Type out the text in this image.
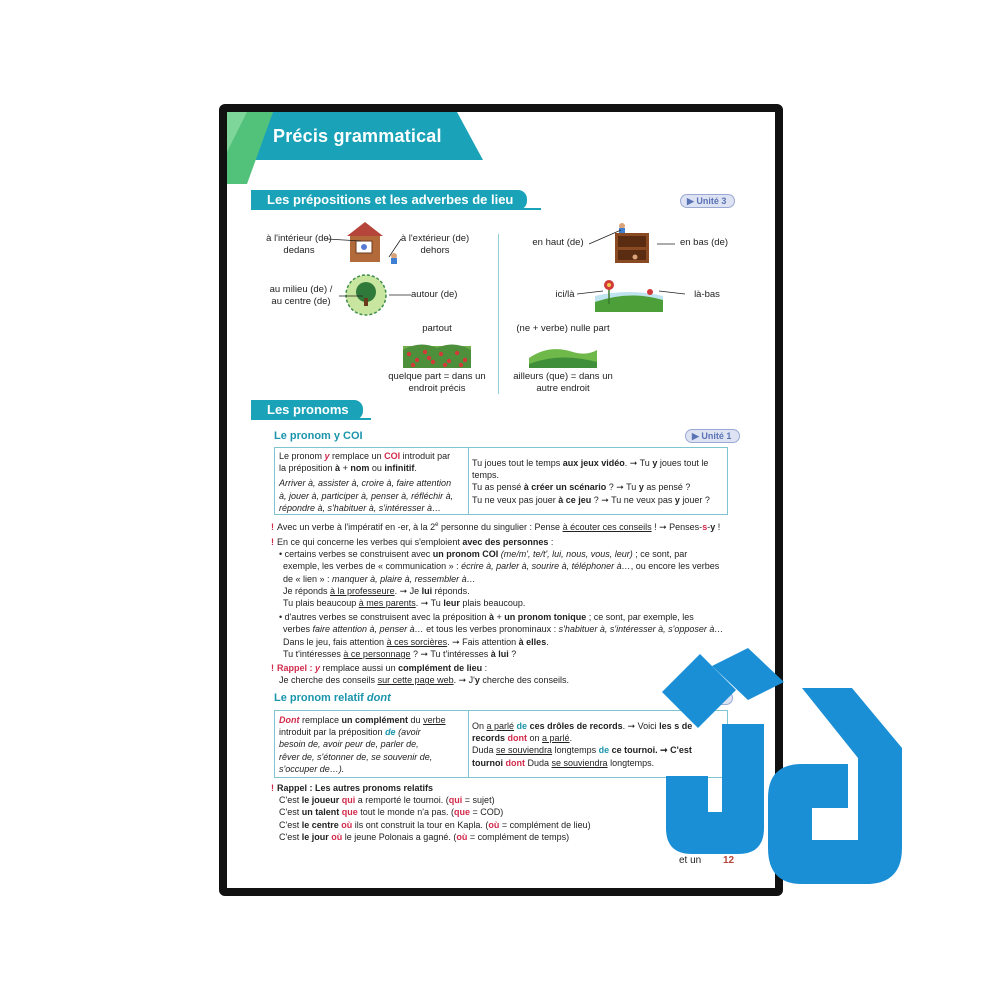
Précis grammatical
Les prépositions et les adverbes de lieu	▶ Unité 3
à l'intérieur (de)
dedans
à l'extérieur (de)
dehors
au milieu (de) /
au centre (de)
autour (de)
partout
quelque part = dans un
endroit précis
en haut (de)	en bas (de)
ici/là	là-bas
(ne + verbe) nulle part
ailleurs (que) = dans un
autre endroit
Les pronoms
Le pronom y COI	▶ Unité 1
Le pronom y remplace un COI introduit par
la préposition à + nom ou infinitif.
Arriver à, assister à, croire à, faire attention
à, jouer à, participer à, penser à, réfléchir à,
répondre à, s'habituer à, s'intéresser à…
Tu joues tout le temps aux jeux vidéo. ➞ Tu y joues tout le
temps.
Tu as pensé à créer un scénario ? ➞ Tu y as pensé ?
Tu ne veux pas jouer à ce jeu ? ➞ Tu ne veux pas y jouer ?
! Avec un verbe à l'impératif en -er, à la 2e personne du singulier : Pense à écouter ces conseils ! ➞ Penses-s-y !
! En ce qui concerne les verbes qui s'emploient avec des personnes :
• certains verbes se construisent avec un pronom COI (me/m', te/t', lui, nous, vous, leur) ; ce sont, par
exemple, les verbes de « communication » : écrire à, parler à, sourire à, téléphoner à…, ou encore les verbes
de « lien » : manquer à, plaire à, ressembler à…
Je réponds à la professeure. ➞ Je lui réponds.
Tu plais beaucoup à mes parents. ➞ Tu leur plais beaucoup.
• d'autres verbes se construisent avec la préposition à + un pronom tonique ; ce sont, par exemple, les
verbes faire attention à, penser à… et tous les verbes pronominaux : s'habituer à, s'intéresser à, s'opposer à…
Dans le jeu, fais attention à ces sorcières. ➞ Fais attention à elles.
Tu t'intéresses à ce personnage ? ➞ Tu t'intéresses à lui ?
! Rappel : y remplace aussi un complément de lieu :
Je cherche des conseils sur cette page web. ➞ J'y cherche des conseils.
Le pronom relatif dont
Dont remplace un complément du verbe
introduit par la préposition de (avoir
besoin de, avoir peur de, parler de,
rêver de, s'étonner de, se souvenir de,
s'occuper de…).
On a parlé de ces drôles de records. ➞ Voici les s de
records dont on a parlé.
Duda se souviendra longtemps de ce tournoi. ➞ C'est
tournoi dont Duda se souviendra longtemps.
! Rappel : Les autres pronoms relatifs
C'est le joueur qui a remporté le tournoi. (qui = sujet)
C'est un talent que tout le monde n'a pas. (que = COD)
C'est le centre où ils ont construit la tour en Kapla. (où = complément de lieu)
C'est le jour où le jeune Polonais a gagné. (où = complément de temps)
et un 12
